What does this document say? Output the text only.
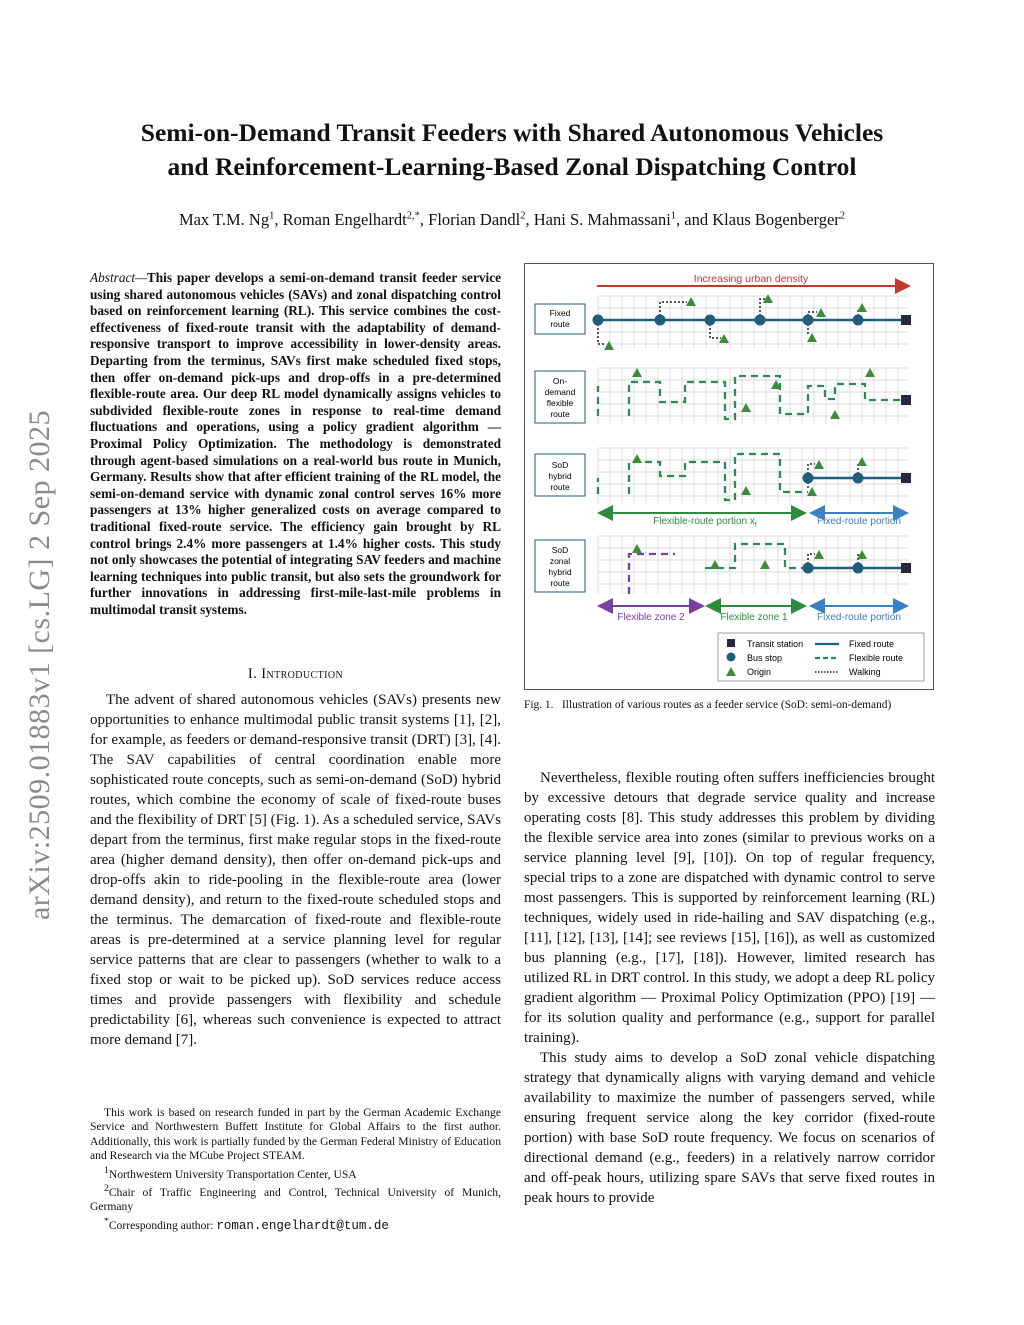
arXiv:2509.01883v1 [cs.LG] 2 Sep 2025
Semi-on-Demand Transit Feeders with Shared Autonomous Vehicles
and Reinforcement-Learning-Based Zonal Dispatching Control
Max T.M. Ng$^1$, Roman Engelhardt$^{2,*}$, Florian Dandl$^2$, Hani S. Mahmassani$^1$, and Klaus Bogenberger$^2$
Abstract—This paper develops a semi-on-demand transit feeder service using shared autonomous vehicles (SAVs) and zonal dispatching control based on reinforcement learning (RL). This service combines the cost-effectiveness of fixed-route transit with the adaptability of demand-responsive transport to improve accessibility in lower-density areas. Departing from the terminus, SAVs first make scheduled fixed stops, then offer on-demand pick-ups and drop-offs in a pre-determined flexible-route area. Our deep RL model dynamically assigns vehicles to subdivided flexible-route zones in response to real-time demand fluctuations and operations, using a policy gradient algorithm — Proximal Policy Optimization. The methodology is demonstrated through agent-based simulations on a real-world bus route in Munich, Germany. Results show that after efficient training of the RL model, the semi-on-demand service with dynamic zonal control serves 16% more passengers at 13% higher generalized costs on average compared to traditional fixed-route service. The efficiency gain brought by RL control brings 2.4% more passengers at 1.4% higher costs. This study not only showcases the potential of integrating SAV feeders and machine learning techniques into public transit, but also sets the groundwork for further innovations in addressing first-mile-last-mile problems in multimodal transit systems.
I. Introduction

The advent of shared autonomous vehicles (SAVs) presents new opportunities to enhance multimodal public transit systems [1], [2], for example, as feeders or demand-responsive transit (DRT) [3], [4]. The SAV capabilities of central coordination enable more sophisticated route concepts, such as semi-on-demand (SoD) hybrid routes, which combine the economy of scale of fixed-route buses and the flexibility of DRT [5] (Fig. 1). As a scheduled service, SAVs depart from the terminus, first make regular stops in the fixed-route area (higher demand density), then offer on-demand pick-ups and drop-offs akin to ride-pooling in the flexible-route area (lower demand density), and return to the fixed-route scheduled stops and the terminus. The demarcation of fixed-route and flexible-route areas is pre-determined at a service planning level for regular service patterns that are clear to passengers (whether to walk to a fixed stop or wait to be picked up). SoD services reduce access times and provide passengers with flexibility and schedule predictability [6], whereas such convenience is expected to attract more demand [7].

This work is based on research funded in part by the German Academic Exchange Service and Northwestern Buffett Institute for Global Affairs to the first author. Additionally, this work is partially funded by the German Federal Ministry of Education and Research via the MCube Project STEAM.

$^1$Northwestern University Transportation Center, USA

$^2$Chair of Traffic Engineering and Control, Technical University of Munich, Germany

*Corresponding author: roman.engelhardt@tum.de

Increasing urban density
Fixed
route
On-
demand
flexible
route
SoD
hybrid
route
SoD
zonal
hybrid
route
Flexible-route portion $x_f$	Fixed-route portion
Flexible zone 2	Flexible zone 1	Fixed-route portion
Transit station
Bus stop
Origin
Fixed route
Flexible route
Walking
Fig. 1. Illustration of various routes as a feeder service (SoD: semi-on-demand)

Nevertheless, flexible routing often suffers inefficiencies brought by excessive detours that degrade service quality and increase operating costs [8]. This study addresses this problem by dividing the flexible service area into zones (similar to previous works on a service planning level [9], [10]). On top of regular frequency, special trips to a zone are dispatched with dynamic control to serve most passengers. This is supported by reinforcement learning (RL) techniques, widely used in ride-hailing and SAV dispatching (e.g., [11], [12], [13], [14]; see reviews [15], [16]), as well as customized bus planning (e.g., [17], [18]). However, limited research has utilized RL in DRT control. In this study, we adopt a deep RL policy gradient algorithm — Proximal Policy Optimization (PPO) [19] — for its solution quality and performance (e.g., support for parallel training).

This study aims to develop a SoD zonal vehicle dispatching strategy that dynamically aligns with varying demand and vehicle availability to maximize the number of passengers served, while ensuring frequent service along the key corridor (fixed-route portion) with base SoD route frequency. We focus on scenarios of directional demand (e.g., feeders) in a relatively narrow corridor and off-peak hours, utilizing spare SAVs that serve fixed routes in peak hours to provide
